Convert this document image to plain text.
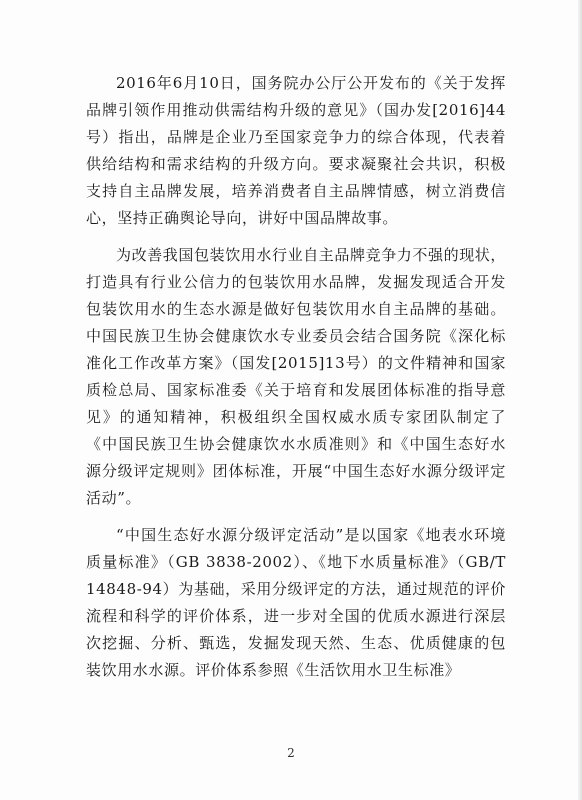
2016年6月10日，国务院办公厅公开发布的《关于发挥品牌引领作用推动供需结构升级的意见》（国办发[2016]44号）指出，品牌是企业乃至国家竞争力的综合体现，代表着供给结构和需求结构的升级方向。要求凝聚社会共识，积极支持自主品牌发展，培养消费者自主品牌情感，树立消费信心，坚持正确舆论导向，讲好中国品牌故事。

为改善我国包装饮用水行业自主品牌竞争力不强的现状，打造具有行业公信力的包装饮用水品牌，发掘发现适合开发包装饮用水的生态水源是做好包装饮用水自主品牌的基础。中国民族卫生协会健康饮水专业委员会结合国务院《深化标准化工作改革方案》（国发[2015]13号）的文件精神和国家质检总局、国家标准委《关于培育和发展团体标准的指导意见》的通知精神，积极组织全国权威水质专家团队制定了《中国民族卫生协会健康饮水水质准则》和《中国生态好水源分级评定规则》团体标准，开展“中国生态好水源分级评定活动”。

“中国生态好水源分级评定活动”是以国家《地表水环境质量标准》（GB 3838-2002）、《地下水质量标准》（GB/T 14848-94）为基础，采用分级评定的方法，通过规范的评价流程和科学的评价体系，进一步对全国的优质水源进行深层次挖掘、分析、甄选，发掘发现天然、生态、优质健康的包装饮用水水源。评价体系参照《生活饮用水卫生标准》

2
